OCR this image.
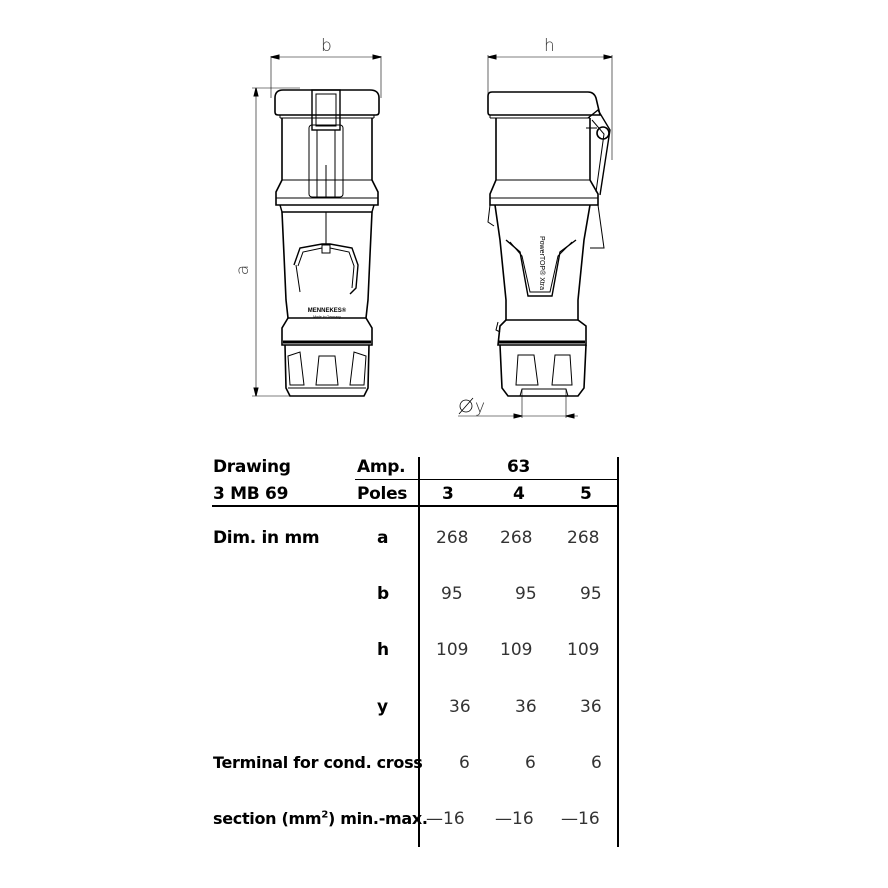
MENNEKES®
Made in Germany
PowerTOP® Xtra
b
a
h
y
Drawing
3 MB 69
Amp.	63
Poles 3	4	5
Dim. in mm	a	268 268 268
b	95	95	95
h	109 109 109
y	36	36	36
Terminal for cond. cross 6	6	6
section $(mm^2)$ min.-max.
—16 —16 —16
